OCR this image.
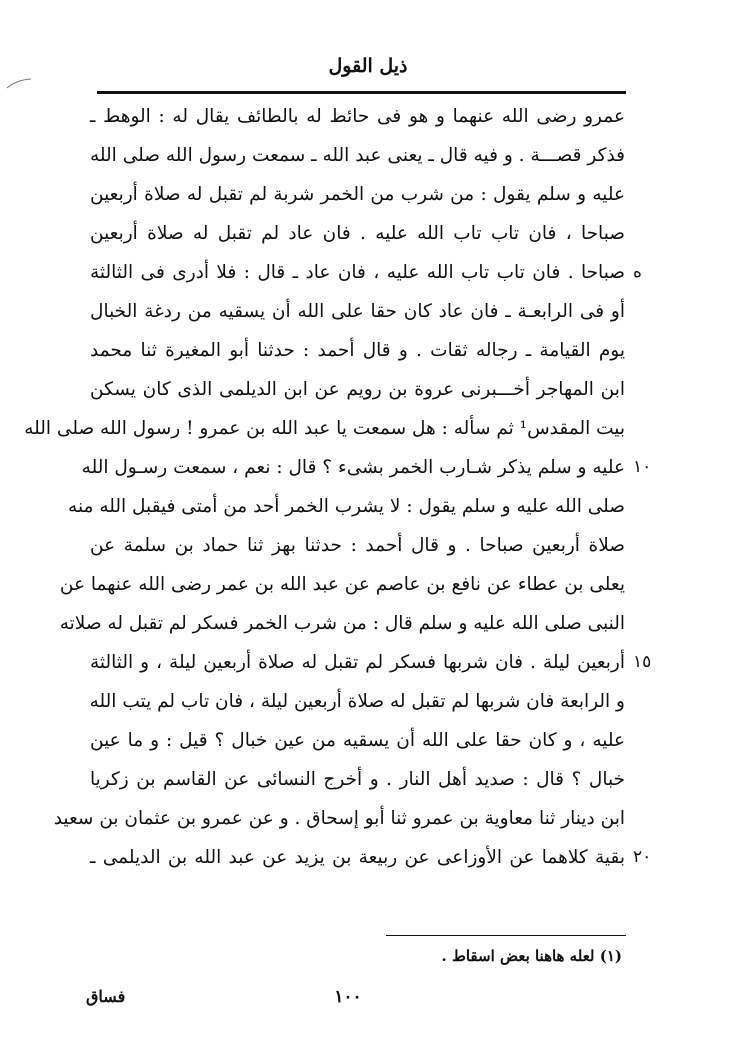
ذيل القول
عمرو رضى الله عنهما و هو فى حائط له بالطائف يقال له : الوهط ـ
فذكر قصـــة . و فيه قال ـ يعنى عبد الله ـ سمعت رسول الله صلى الله
عليه و سلم يقول : من شرب من الخمر شربة لم تقبل له صلاة أربعين
صباحا ، فان تاب تاب الله عليه . فان عاد لم تقبل له صلاة أربعين
صباحا . فان تاب تاب الله عليه ، فان عاد ـ قال : فلا أدرى فى الثالثة ه
أو فى الرابعـة ـ فان عاد كان حقا على الله أن يسقيه من ردغة الخبال
يوم القيامة ـ رجاله ثقات . و قال أحمد : حدثنا أبو المغيرة ثنا محمد
ابن المهاجر أخـــبرنى عروة بن رويم عن ابن الديلمى الذى كان يسكن
بيت المقدس¹ ثم سأله : هل سمعت يا عبد الله بن عمرو ! رسول الله صلى الله
عليه و سلم يذكر شـارب الخمر بشىء ؟ قال : نعم ، سمعت رسـول الله ١٠
صلى الله عليه و سلم يقول : لا يشرب الخمر أحد من أمتى فيقبل الله منه
صلاة أربعين صباحا . و قال أحمد : حدثنا بهز ثنا حماد بن سلمة عن
يعلى بن عطاء عن نافع بن عاصم عن عبد الله بن عمر رضى الله عنهما عن
النبى صلى الله عليه و سلم قال : من شرب الخمر فسكر لم تقبل له صلاته
أربعين ليلة . فان شربها فسكر لم تقبل له صلاة أربعين ليلة ، و الثالثة ١٥
و الرابعة فان شربها لم تقبل له صلاة أربعين ليلة ، فان تاب لم يتب الله
عليه ، و كان حقا على الله أن يسقيه من عين خبال ؟ قيل : و ما عين
خبال ؟ قال : صديد أهل النار . و أخرج النسائى عن القاسم بن زكريا
ابن دينار ثنا معاوية بن عمرو ثنا أبو إسحاق . و عن عمرو بن عثمان بن سعيد
بقية كلاهما عن الأوزاعى عن ربيعة بن يزيد عن عبد الله بن الديلمى ـ ٢٠
(١) لعله هاهنا بعض اسقاط .
١٠٠
فساق
